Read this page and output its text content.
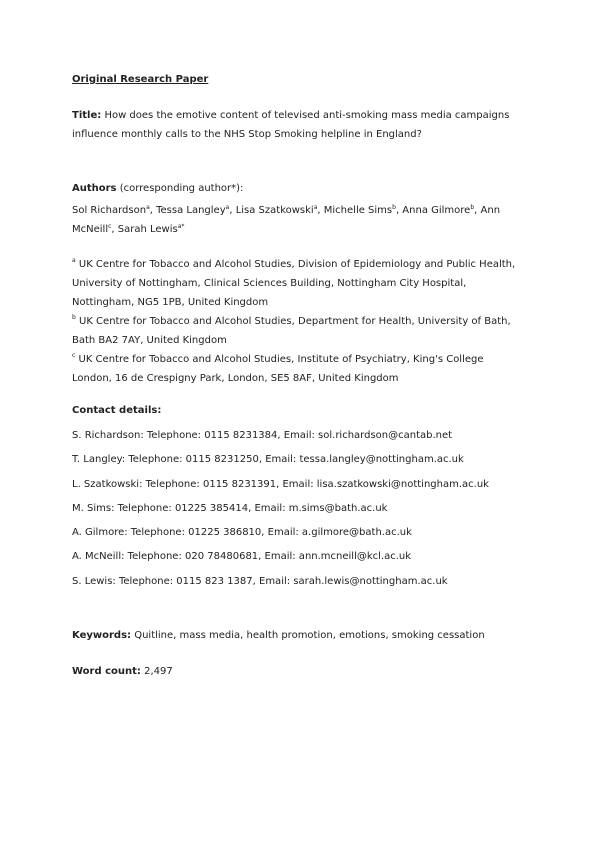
Original Research Paper
Title: How does the emotive content of televised anti-smoking mass media campaigns
influence monthly calls to the NHS Stop Smoking helpline in England?
Authors (corresponding author*):
Sol Richardson$^a$, Tessa Langley$^a$, Lisa Szatkowski$^a$, Michelle Sims$^b$, Anna Gilmore$^b$, Ann
McNeill$^c$, Sarah Lewis$^{a*}$
$^a$ UK Centre for Tobacco and Alcohol Studies, Division of Epidemiology and Public Health,
University of Nottingham, Clinical Sciences Building, Nottingham City Hospital,
Nottingham, NG5 1PB, United Kingdom
$^b$ UK Centre for Tobacco and Alcohol Studies, Department for Health, University of Bath,
Bath BA2 7AY, United Kingdom
$^c$ UK Centre for Tobacco and Alcohol Studies, Institute of Psychiatry, King's College
London, 16 de Crespigny Park, London, SE5 8AF, United Kingdom
Contact details:
S. Richardson: Telephone: 0115 8231384, Email: sol.richardson@cantab.net
T. Langley: Telephone: 0115 8231250, Email: tessa.langley@nottingham.ac.uk
L. Szatkowski: Telephone: 0115 8231391, Email: lisa.szatkowski@nottingham.ac.uk
M. Sims: Telephone: 01225 385414, Email: m.sims@bath.ac.uk
A. Gilmore: Telephone: 01225 386810, Email: a.gilmore@bath.ac.uk
A. McNeill: Telephone: 020 78480681, Email: ann.mcneill@kcl.ac.uk
S. Lewis: Telephone: 0115 823 1387, Email: sarah.lewis@nottingham.ac.uk
Keywords: Quitline, mass media, health promotion, emotions, smoking cessation
Word count: 2,497
